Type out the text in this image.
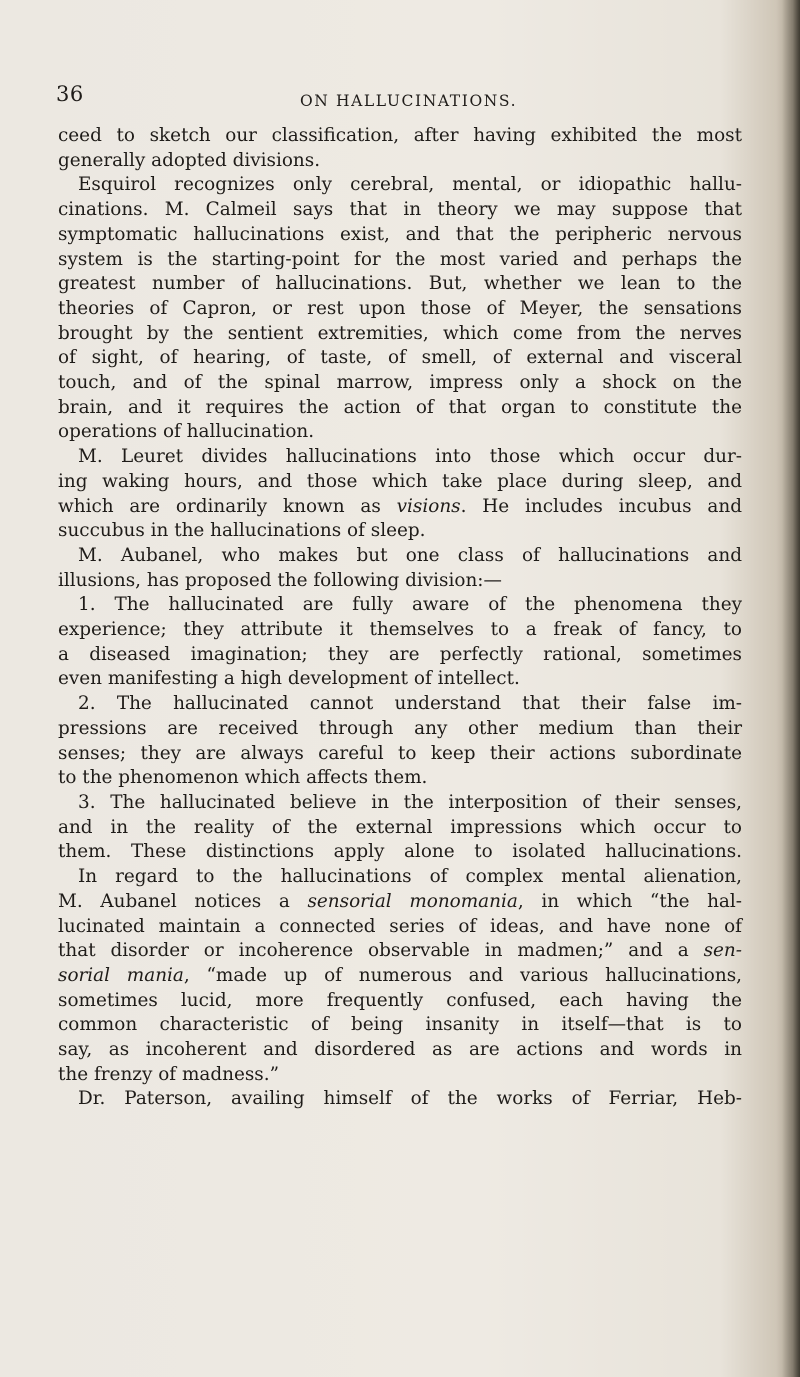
36	ON HALLUCINATIONS.
ceed to sketch our classification, after having exhibited the most
generally adopted divisions.
Esquirol recognizes only cerebral, mental, or idiopathic hallu-
cinations. M. Calmeil says that in theory we may suppose that
symptomatic hallucinations exist, and that the peripheric nervous
system is the starting-point for the most varied and perhaps the
greatest number of hallucinations. But, whether we lean to the
theories of Capron, or rest upon those of Meyer, the sensations
brought by the sentient extremities, which come from the nerves
of sight, of hearing, of taste, of smell, of external and visceral
touch, and of the spinal marrow, impress only a shock on the
brain, and it requires the action of that organ to constitute the
operations of hallucination.
M. Leuret divides hallucinations into those which occur dur-
ing waking hours, and those which take place during sleep, and
which are ordinarily known as visions. He includes incubus and
succubus in the hallucinations of sleep.
M. Aubanel, who makes but one class of hallucinations and
illusions, has proposed the following division:—
1. The hallucinated are fully aware of the phenomena they
experience; they attribute it themselves to a freak of fancy, to
a diseased imagination; they are perfectly rational, sometimes
even manifesting a high development of intellect.
2. The hallucinated cannot understand that their false im-
pressions are received through any other medium than their
senses; they are always careful to keep their actions subordinate
to the phenomenon which affects them.
3. The hallucinated believe in the interposition of their senses,
and in the reality of the external impressions which occur to
them. These distinctions apply alone to isolated hallucinations.
In regard to the hallucinations of complex mental alienation,
M. Aubanel notices a sensorial monomania, in which “the hal-
lucinated maintain a connected series of ideas, and have none of
that disorder or incoherence observable in madmen;” and a sen-
sorial mania, “made up of numerous and various hallucinations,
sometimes lucid, more frequently confused, each having the
common characteristic of being insanity in itself—that is to
say, as incoherent and disordered as are actions and words in
the frenzy of madness.”
Dr. Paterson, availing himself of the works of Ferriar, Heb-
